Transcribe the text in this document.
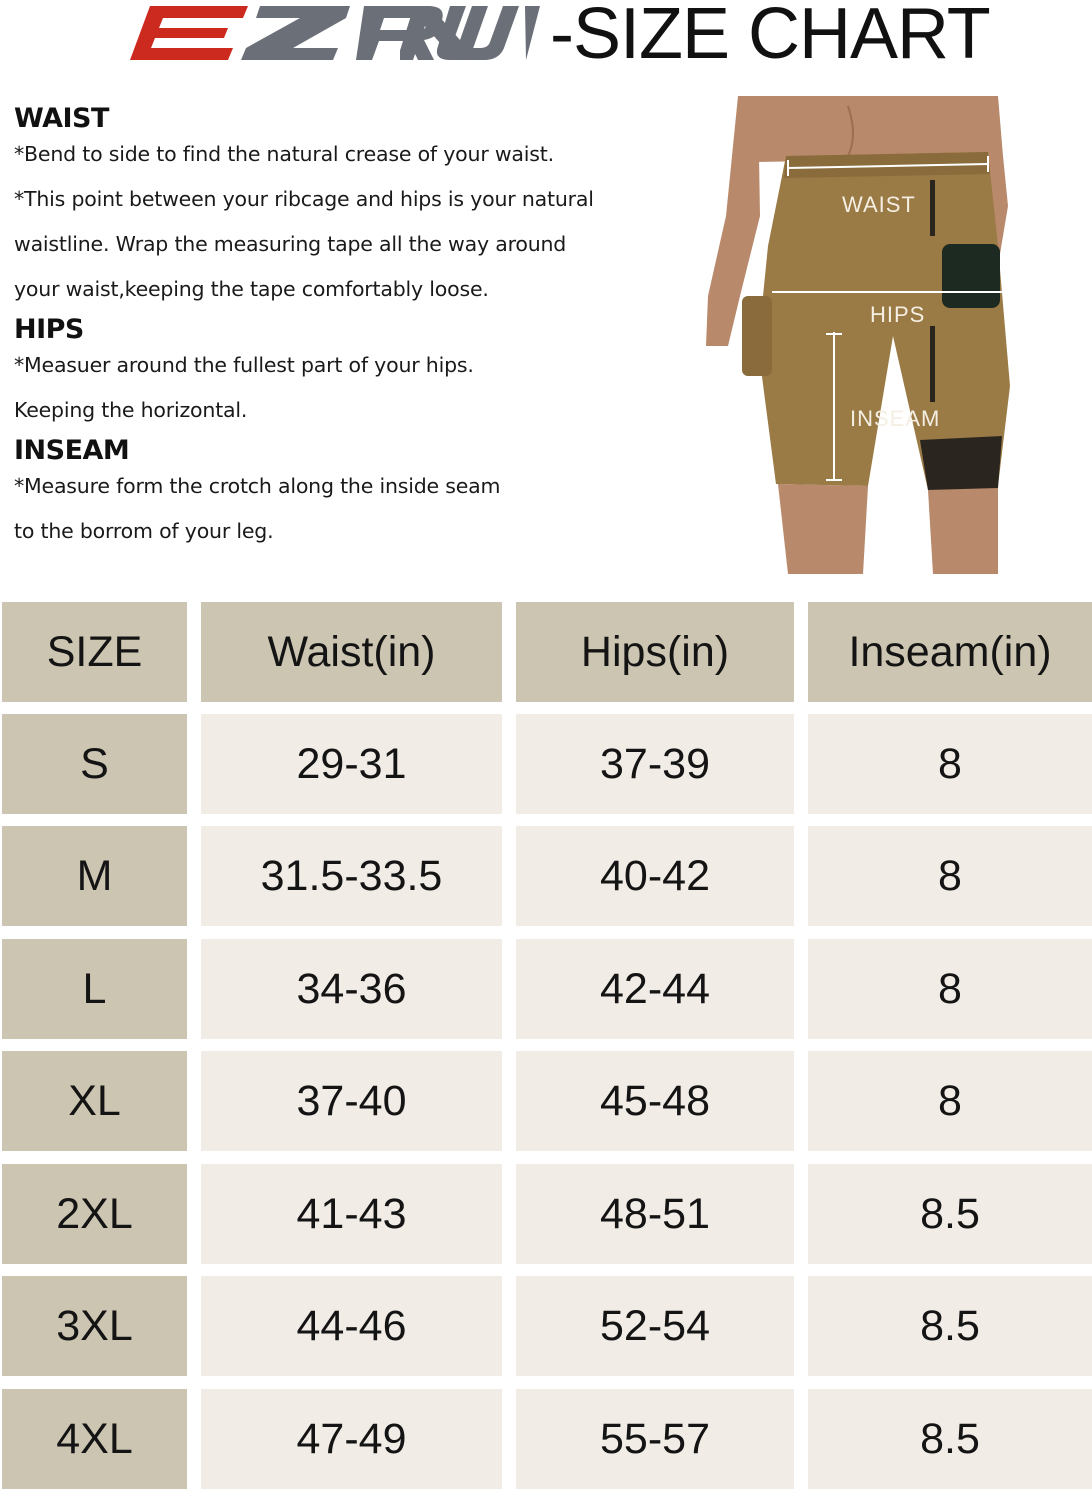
-SIZE CHART
WAIST
*Bend to side to find the natural crease of your waist.
*This point between your ribcage and hips is your natural
waistline. Wrap the measuring tape all the way around
your waist,keeping the tape comfortably loose.
HIPS
*Measuer around the fullest part of your hips.
Keeping the horizontal.
INSEAM
*Measure form the crotch along the inside seam
to the borrom of your leg.
WAIST
HIPS
INSEAM
SIZE	Waist(in)	Hips(in)	Inseam(in)
S	29-31	37-39	8
M	31.5-33.5	40-42	8
L	34-36	42-44	8
XL	37-40	45-48	8
2XL	41-43	48-51	8.5
3XL	44-46	52-54	8.5
4XL	47-49	55-57	8.5
